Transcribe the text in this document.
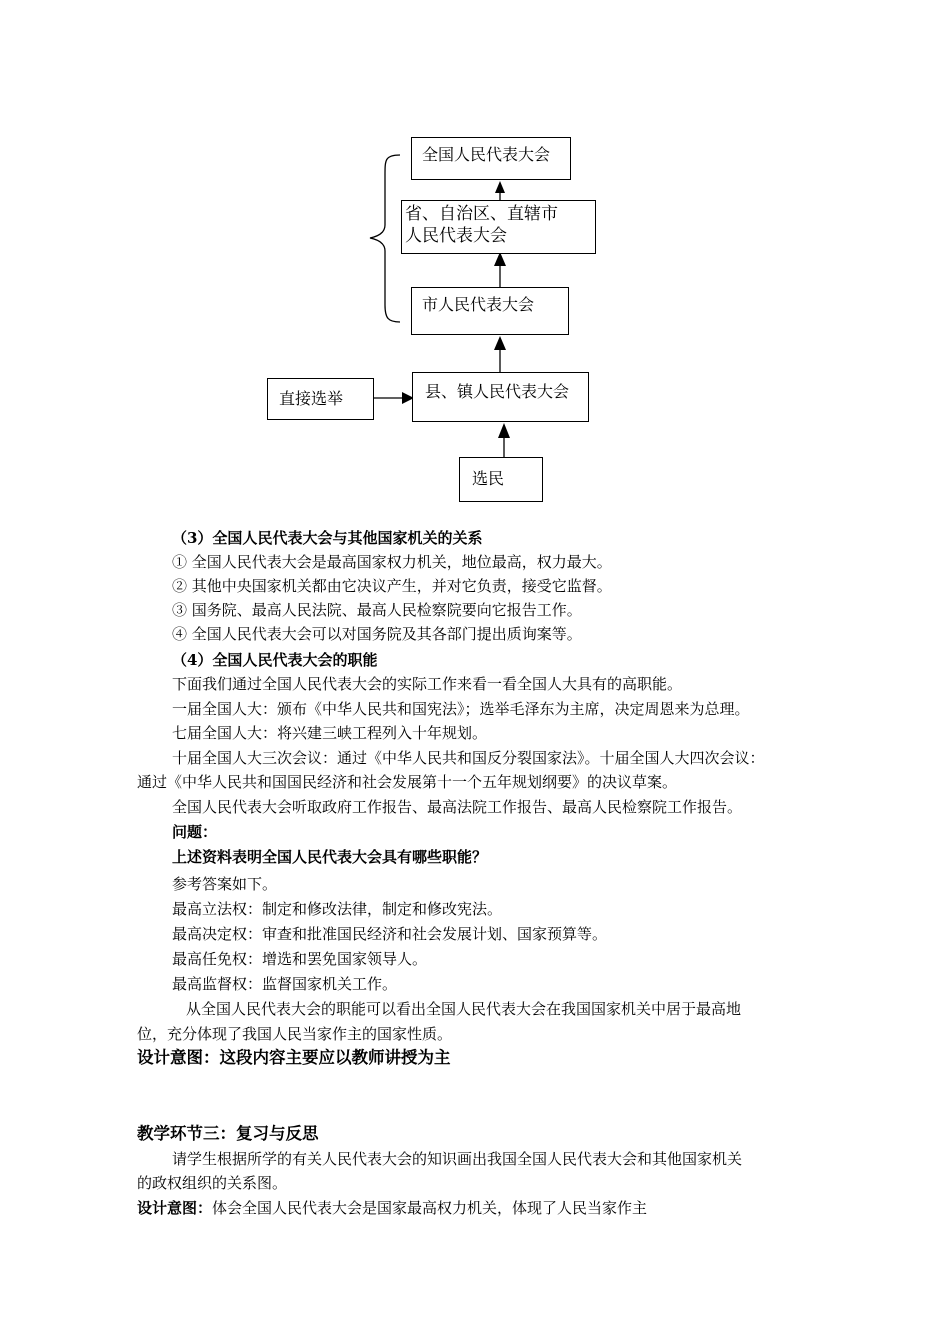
全国人民代表大会
省、自治区、直辖市
人民代表大会
市人民代表大会
县、镇人民代表大会
直接选举
选民
（3）全国人民代表大会与其他国家机关的关系
① 全国人民代表大会是最高国家权力机关，地位最高，权力最大。
② 其他中央国家机关都由它决议产生，并对它负责，接受它监督。
③ 国务院、最高人民法院、最高人民检察院要向它报告工作。
④ 全国人民代表大会可以对国务院及其各部门提出质询案等。
（4）全国人民代表大会的职能
下面我们通过全国人民代表大会的实际工作来看一看全国人大具有的高职能。
一届全国人大：颁布《中华人民共和国宪法》；选举毛泽东为主席，决定周恩来为总理。
七届全国人大：将兴建三峡工程列入十年规划。
十届全国人大三次会议：通过《中华人民共和国反分裂国家法》。十届全国人大四次会议：
通过《中华人民共和国国民经济和社会发展第十一个五年规划纲要》的决议草案。
全国人民代表大会听取政府工作报告、最高法院工作报告、最高人民检察院工作报告。
问题：
上述资料表明全国人民代表大会具有哪些职能？
参考答案如下。
最高立法权：制定和修改法律，制定和修改宪法。
最高决定权：审查和批准国民经济和社会发展计划、国家预算等。
最高任免权：增选和罢免国家领导人。
最高监督权：监督国家机关工作。
从全国人民代表大会的职能可以看出全国人民代表大会在我国国家机关中居于最高地
位，充分体现了我国人民当家作主的国家性质。
设计意图：这段内容主要应以教师讲授为主
教学环节三：复习与反思
请学生根据所学的有关人民代表大会的知识画出我国全国人民代表大会和其他国家机关
的政权组织的关系图。
设计意图：体会全国人民代表大会是国家最高权力机关，体现了人民当家作主
